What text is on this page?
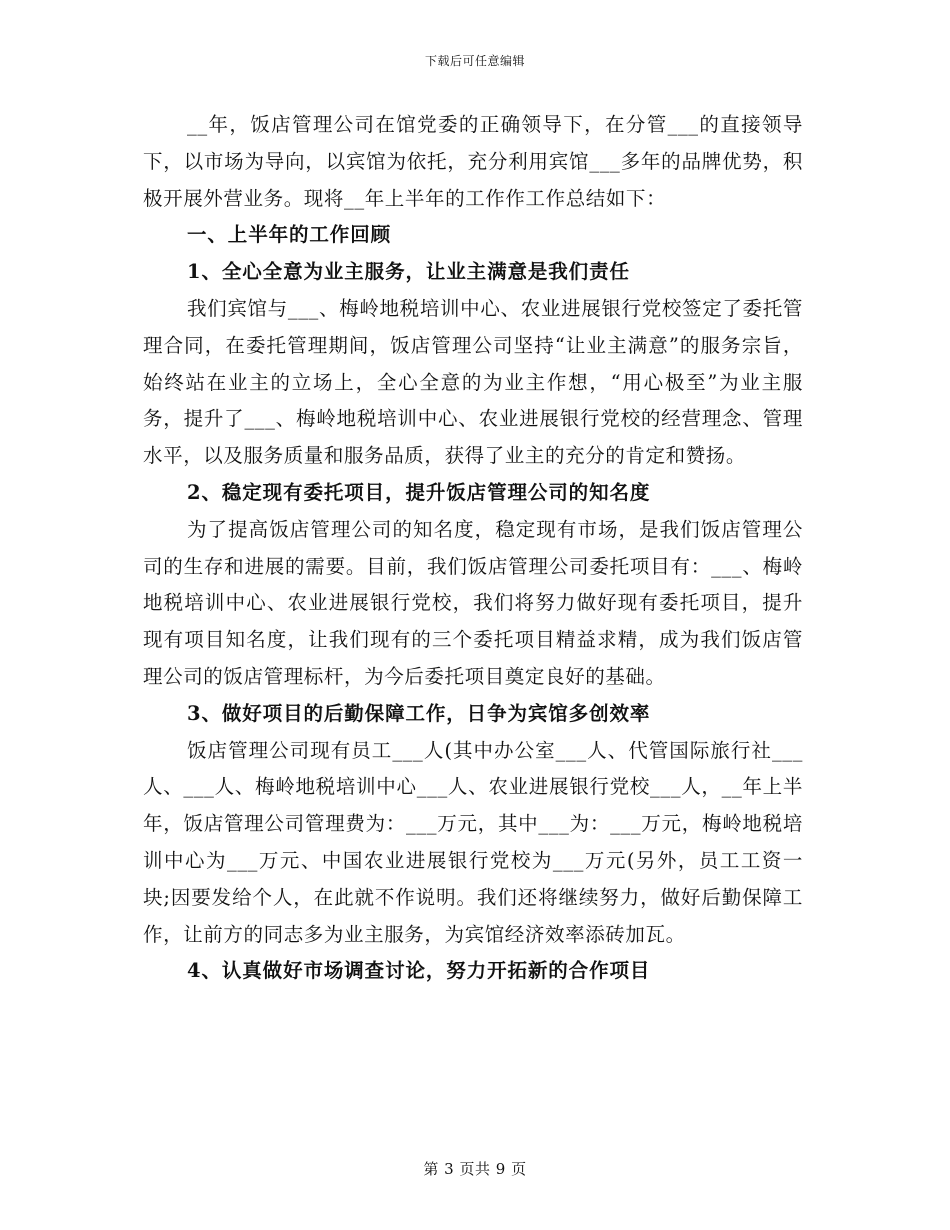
下载后可任意编辑

__年，饭店管理公司在馆党委的正确领导下，在分管___的直接领导下，以市场为导向，以宾馆为依托，充分利用宾馆___多年的品牌优势，积极开展外营业务。现将__年上半年的工作作工作总结如下：

一、上半年的工作回顾

1、全心全意为业主服务，让业主满意是我们责任

我们宾馆与___、梅岭地税培训中心、农业进展银行党校签定了委托管理合同，在委托管理期间，饭店管理公司坚持“让业主满意”的服务宗旨，始终站在业主的立场上，全心全意的为业主作想，“用心极至”为业主服务，提升了___、梅岭地税培训中心、农业进展银行党校的经营理念、管理水平，以及服务质量和服务品质，获得了业主的充分的肯定和赞扬。

2、稳定现有委托项目，提升饭店管理公司的知名度

为了提高饭店管理公司的知名度，稳定现有市场，是我们饭店管理公司的生存和进展的需要。目前，我们饭店管理公司委托项目有：___、梅岭地税培训中心、农业进展银行党校，我们将努力做好现有委托项目，提升现有项目知名度，让我们现有的三个委托项目精益求精，成为我们饭店管理公司的饭店管理标杆，为今后委托项目奠定良好的基础。

3、做好项目的后勤保障工作，日争为宾馆多创效率

饭店管理公司现有员工___人(其中办公室___人、代管国际旅行社___人、___人、梅岭地税培训中心___人、农业进展银行党校___人，__年上半年，饭店管理公司管理费为：___万元，其中___为：___万元，梅岭地税培训中心为___万元、中国农业进展银行党校为___万元(另外，员工工资一块;因要发给个人，在此就不作说明。我们还将继续努力，做好后勤保障工作，让前方的同志多为业主服务，为宾馆经济效率添砖加瓦。

4、认真做好市场调查讨论，努力开拓新的合作项目

第 3 页共 9 页
